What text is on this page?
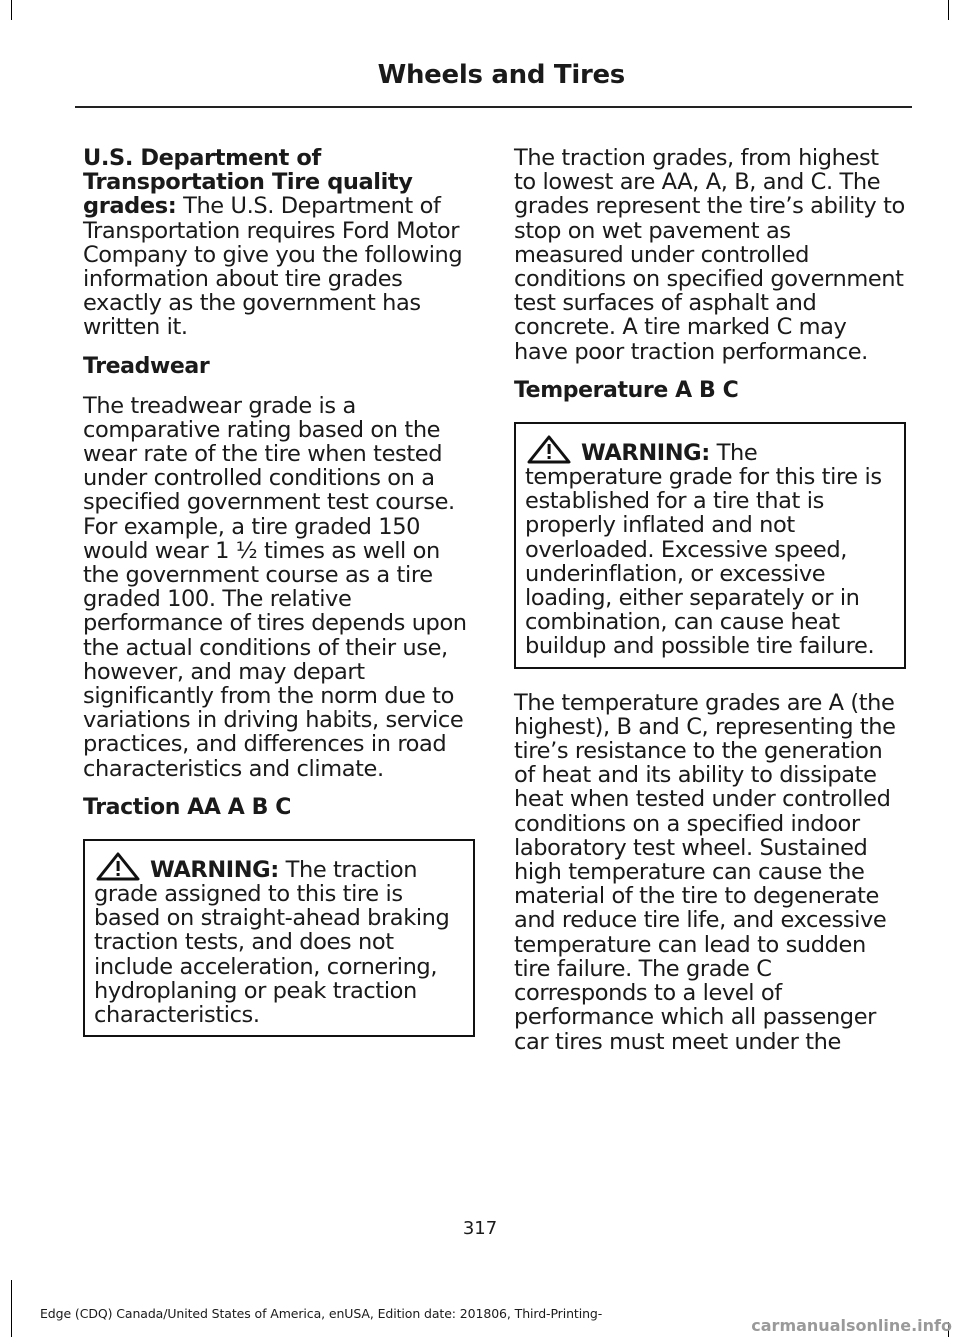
Wheels and Tires

U.S. Department of Transportation Tire quality grades: The U.S. Department of Transportation requires Ford Motor Company to give you the following information about tire grades exactly as the government has written it.

Treadwear

The treadwear grade is a comparative rating based on the wear rate of the tire when tested under controlled conditions on a specified government test course. For example, a tire graded 150 would wear 1 ½ times as well on the government course as a tire graded 100. The relative performance of tires depends upon the actual conditions of their use, however, and may depart significantly from the norm due to variations in driving habits, service practices, and differences in road characteristics and climate.

Traction AA A B C
WARNING: The traction grade assigned to this tire is based on straight-ahead braking traction tests, and does not include acceleration, cornering, hydroplaning or peak traction characteristics.

The traction grades, from highest to lowest are AA, A, B, and C. The grades represent the tire’s ability to stop on wet pavement as measured under controlled conditions on specified government test surfaces of asphalt and concrete. A tire marked C may have poor traction performance.

Temperature A B C
WARNING: The temperature grade for this tire is established for a tire that is properly inflated and not overloaded. Excessive speed, underinflation, or excessive loading, either separately or in combination, can cause heat buildup and possible tire failure.

The temperature grades are A (the highest), B and C, representing the tire’s resistance to the generation of heat and its ability to dissipate heat when tested under controlled conditions on a specified indoor laboratory test wheel. Sustained high temperature can cause the material of the tire to degenerate and reduce tire life, and excessive temperature can lead to sudden tire failure. The grade C corresponds to a level of performance which all passenger car tires must meet under the

317
Edge (CDQ) Canada/United States of America, enUSA, Edition date: 201806, Third-Printing-
carmanualsonline.info
